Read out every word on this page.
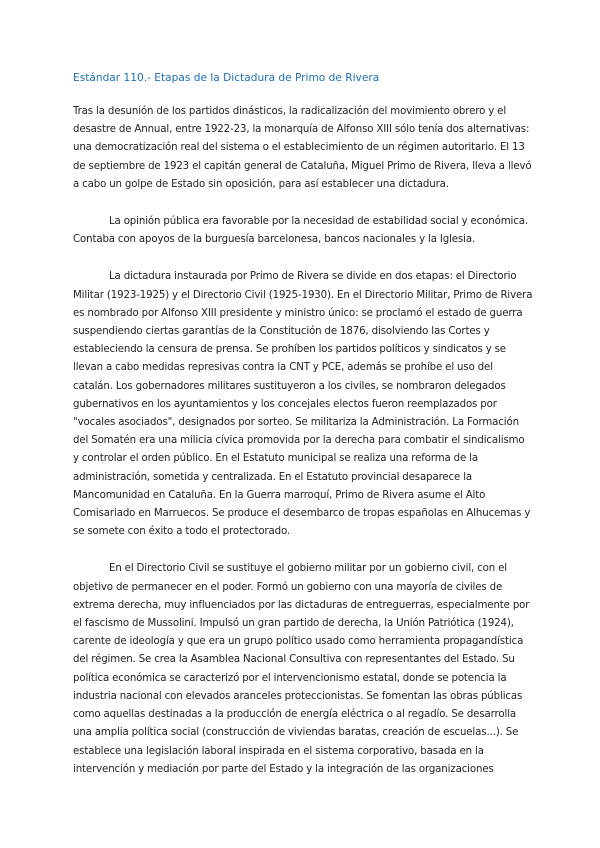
Estándar 110.- Etapas de la Dictadura de Primo de Rivera

Tras la desunión de los partidos dinásticos, la radicalización del movimiento obrero y el desastre de Annual, entre 1922-23, la monarquía de Alfonso XIII sólo tenía dos alternativas:

una democratización real del sistema o el establecimiento de un régimen autoritario. El 13 de septiembre de 1923 el capitán general de Cataluña, Miguel Primo de Rivera, lleva a llevó a cabo un golpe de Estado sin oposición, para así establecer una dictadura.

La opinión pública era favorable por la necesidad de estabilidad social y económica. Contaba con apoyos de la burguesía barcelonesa, bancos nacionales y la Iglesia.

La dictadura instaurada por Primo de Rivera se divide en dos etapas: el Directorio Militar (1923-1925) y el Directorio Civil (1925-1930). En el Directorio Militar, Primo de Rivera es nombrado por Alfonso XIII presidente y ministro único: se proclamó el estado de guerra suspendiendo ciertas garantías de la Constitución de 1876, disolviendo las Cortes y estableciendo la censura de prensa. Se prohíben los partidos políticos y sindicatos y se llevan a cabo medidas represivas contra la CNT y PCE, además se prohíbe el uso del catalán. Los gobernadores militares sustituyeron a los civiles, se nombraron delegados gubernativos en los ayuntamientos y los concejales electos fueron reemplazados por "vocales asociados", designados por sorteo. Se militariza la Administración. La Formación del Somatén era una milicia cívica promovida por la derecha para combatir el sindicalismo y controlar el orden público. En el Estatuto municipal se realiza una reforma de la administración, sometida y centralizada. En el Estatuto provincial desaparece la Mancomunidad en Cataluña. En la Guerra marroquí, Primo de Rivera asume el Alto Comisariado en Marruecos. Se produce el desembarco de tropas españolas en Alhucemas y se somete con éxito a todo el protectorado.

En el Directorio Civil se sustituye el gobierno militar por un gobierno civil, con el objetivo de permanecer en el poder. Formó un gobierno con una mayoría de civiles de extrema derecha, muy influenciados por las dictaduras de entreguerras, especialmente por el fascismo de Mussolini. Impulsó un gran partido de derecha, la Unión Patriótica (1924), carente de ideología y que era un grupo político usado como herramienta propagandística del régimen. Se crea la Asamblea Nacional Consultiva con representantes del Estado. Su política económica se caracterizó por el intervencionismo estatal, donde se potencia la industria nacional con elevados aranceles proteccionistas. Se fomentan las obras públicas como aquellas destinadas a la producción de energía eléctrica o al regadío. Se desarrolla una amplia política social (construcción de viviendas baratas, creación de escuelas...). Se establece una legislación laboral inspirada en el sistema corporativo, basada en la intervención y mediación por parte del Estado y la integración de las organizaciones
